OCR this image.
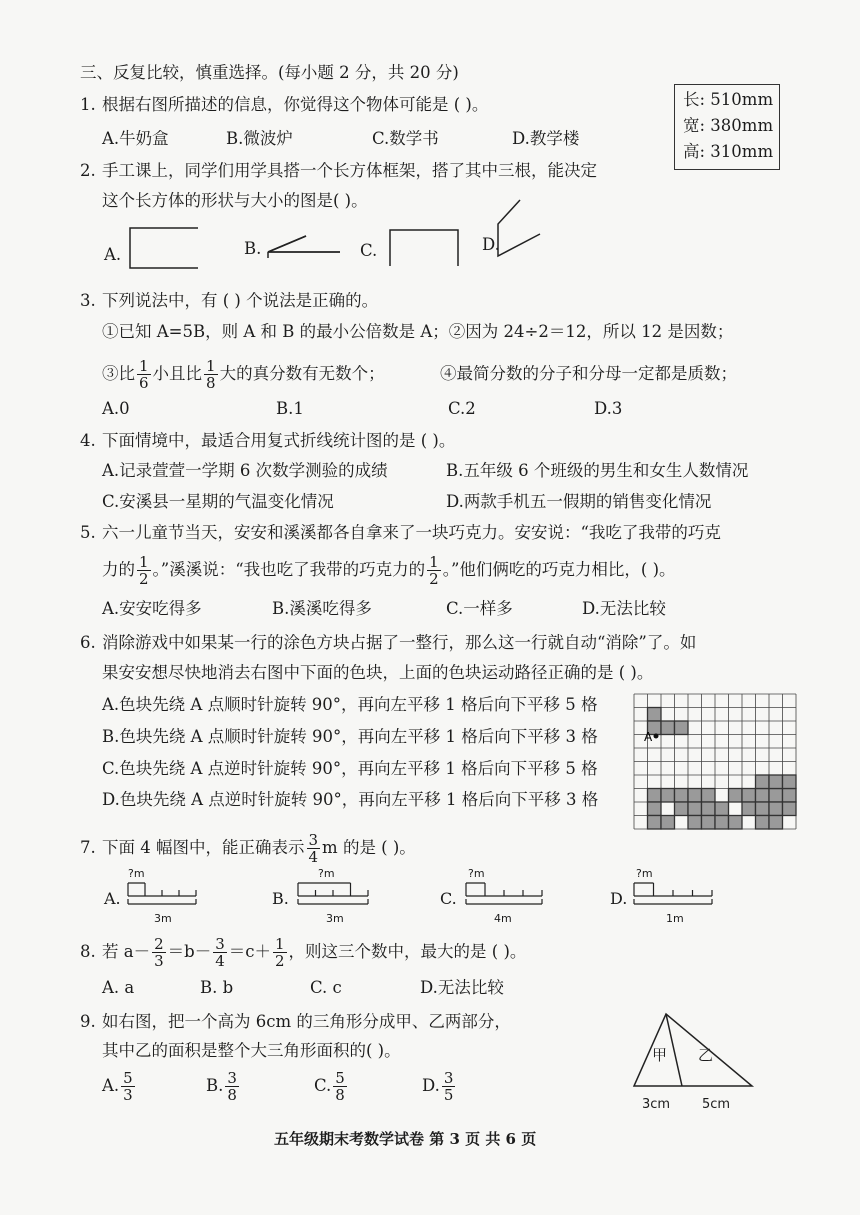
三、反复比较，慎重选择。(每小题 2 分，共 20 分)
1. 根据右图所描述的信息，你觉得这个物体可能是 ( )。
A.牛奶盒	B.微波炉	C.数学书	D.教学楼
长: 510mm
宽: 380mm
高: 310mm
2. 手工课上，同学们用学具搭一个长方体框架，搭了其中三根，能决定
这个长方体的形状与大小的图是( )。
A.	B.	C.	D.
3. 下列说法中，有 ( ) 个说法是正确的。
①已知 A=5B，则 A 和 B 的最小公倍数是 A；②因为 24÷2＝12，所以 12 是因数；
③比 $\frac{1}{6}$ 小且比 $\frac{1}{8}$ 大的真分数有无数个；	④最简分数的分子和分母一定都是质数；
A.0	B.1	C.2	D.3
4. 下面情境中，最适合用复式折线统计图的是 ( )。
A.记录萱萱一学期 6 次数学测验的成绩	B.五年级 6 个班级的男生和女生人数情况
C.安溪县一星期的气温变化情况	D.两款手机五一假期的销售变化情况
5. 六一儿童节当天，安安和溪溪都各自拿来了一块巧克力。安安说：“我吃了我带的巧克
力的 $\frac{1}{2}$ 。”溪溪说：“我也吃了我带的巧克力的 $\frac{1}{2}$ 。”他们俩吃的巧克力相比，( )。
A.安安吃得多	B.溪溪吃得多	C.一样多	D.无法比较
6. 消除游戏中如果某一行的涂色方块占据了一整行，那么这一行就自动“消除”了。如
果安安想尽快地消去右图中下面的色块，上面的色块运动路径正确的是 ( )。
A.色块先绕 A 点顺时针旋转 90°，再向左平移 1 格后向下平移 5 格
B.色块先绕 A 点顺时针旋转 90°，再向左平移 1 格后向下平移 3 格
C.色块先绕 A 点逆时针旋转 90°，再向左平移 1 格后向下平移 5 格
D.色块先绕 A 点逆时针旋转 90°，再向左平移 1 格后向下平移 3 格
A
7. 下面 4 幅图中，能正确表示 $\frac{3}{4}$ m 的是 ( )。
A.	B.	C.	D.
?m
3m
?m
3m
?m
4m
?m
1m
8. 若 $a- \frac{2}{3} =b- \frac{3}{4} =c+ \frac{1}{2}$ ，则这三个数中，最大的是 ( )。
A. a	B. b	C. c	D.无法比较
9. 如右图，把一个高为 6cm 的三角形分成甲、乙两部分，
其中乙的面积是整个大三角形面积的( )。
A. $\frac{5}{3}$	B. $\frac{3}{8}$	C. $\frac{5}{8}$	D. $\frac{3}{5}$
甲 乙
3cm 5cm
五年级期末考数学试卷 第 3 页 共 6 页
